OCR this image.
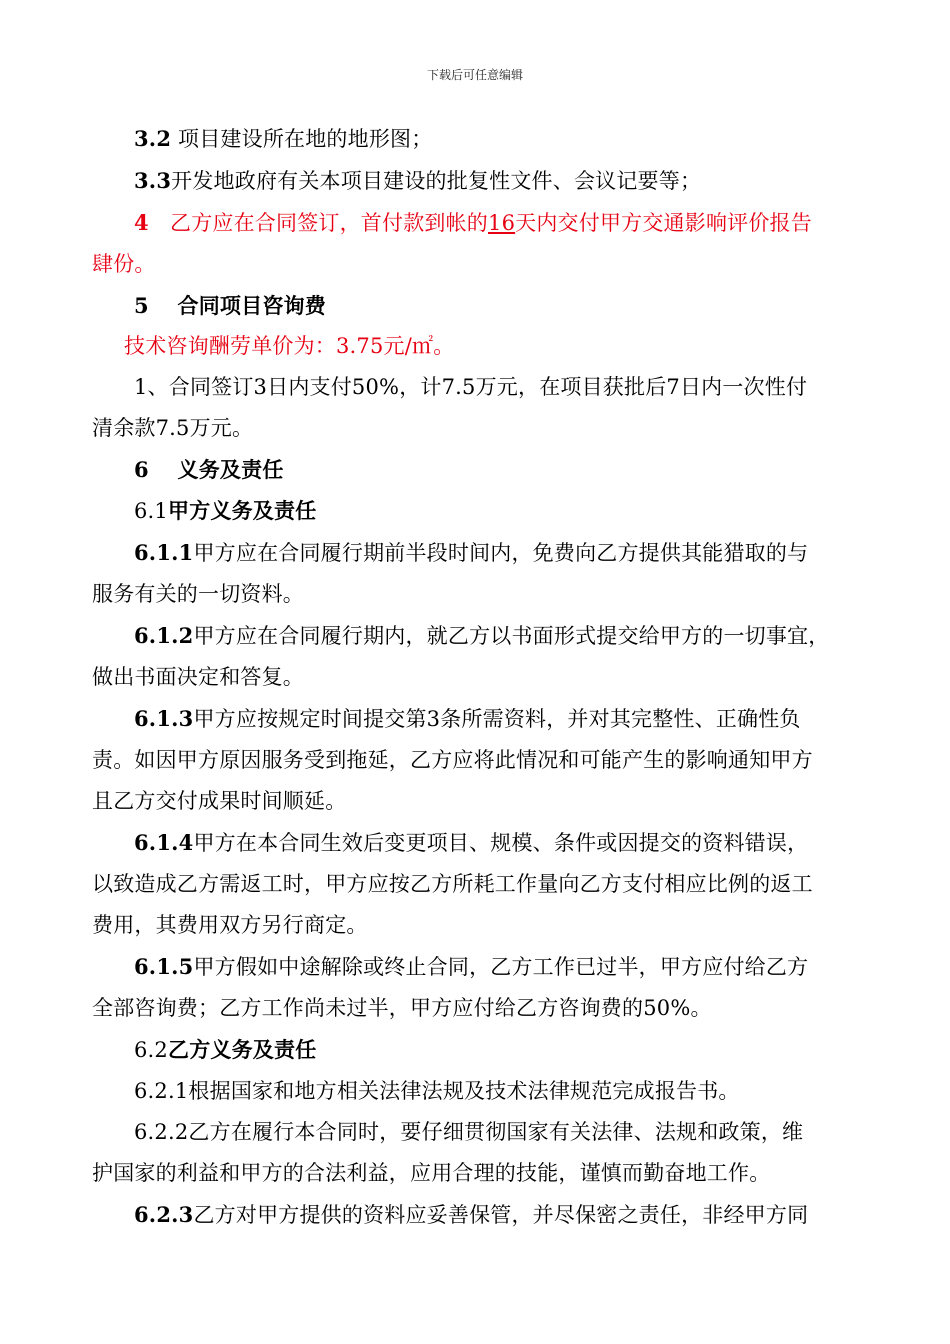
下载后可任意编辑
3.2 项目建设所在地的地形图；
3.3开发地政府有关本项目建设的批复性文件、会议记要等；
4　乙方应在合同签订，首付款到帐的16天内交付甲方交通影响评价报告
肆份。
5　 合同项目咨询费
技术咨询酬劳单价为：3.75元/㎡。
1、合同签订3日内支付50%，计7.5万元，在项目获批后7日内一次性付
清余款7.5万元。
6　 义务及责任
6.1甲方义务及责任
6.1.1甲方应在合同履行期前半段时间内，免费向乙方提供其能猎取的与
服务有关的一切资料。
6.1.2甲方应在合同履行期内，就乙方以书面形式提交给甲方的一切事宜，
做出书面决定和答复。
6.1.3甲方应按规定时间提交第3条所需资料，并对其完整性、正确性负
责。如因甲方原因服务受到拖延，乙方应将此情况和可能产生的影响通知甲方
且乙方交付成果时间顺延。
6.1.4甲方在本合同生效后变更项目、规模、条件或因提交的资料错误，
以致造成乙方需返工时，甲方应按乙方所耗工作量向乙方支付相应比例的返工
费用，其费用双方另行商定。
6.1.5甲方假如中途解除或终止合同，乙方工作已过半，甲方应付给乙方
全部咨询费；乙方工作尚未过半，甲方应付给乙方咨询费的50%。
6.2乙方义务及责任
6.2.1根据国家和地方相关法律法规及技术法律规范完成报告书。
6.2.2乙方在履行本合同时，要仔细贯彻国家有关法律、法规和政策，维
护国家的利益和甲方的合法利益，应用合理的技能，谨慎而勤奋地工作。
6.2.3乙方对甲方提供的资料应妥善保管，并尽保密之责任，非经甲方同
